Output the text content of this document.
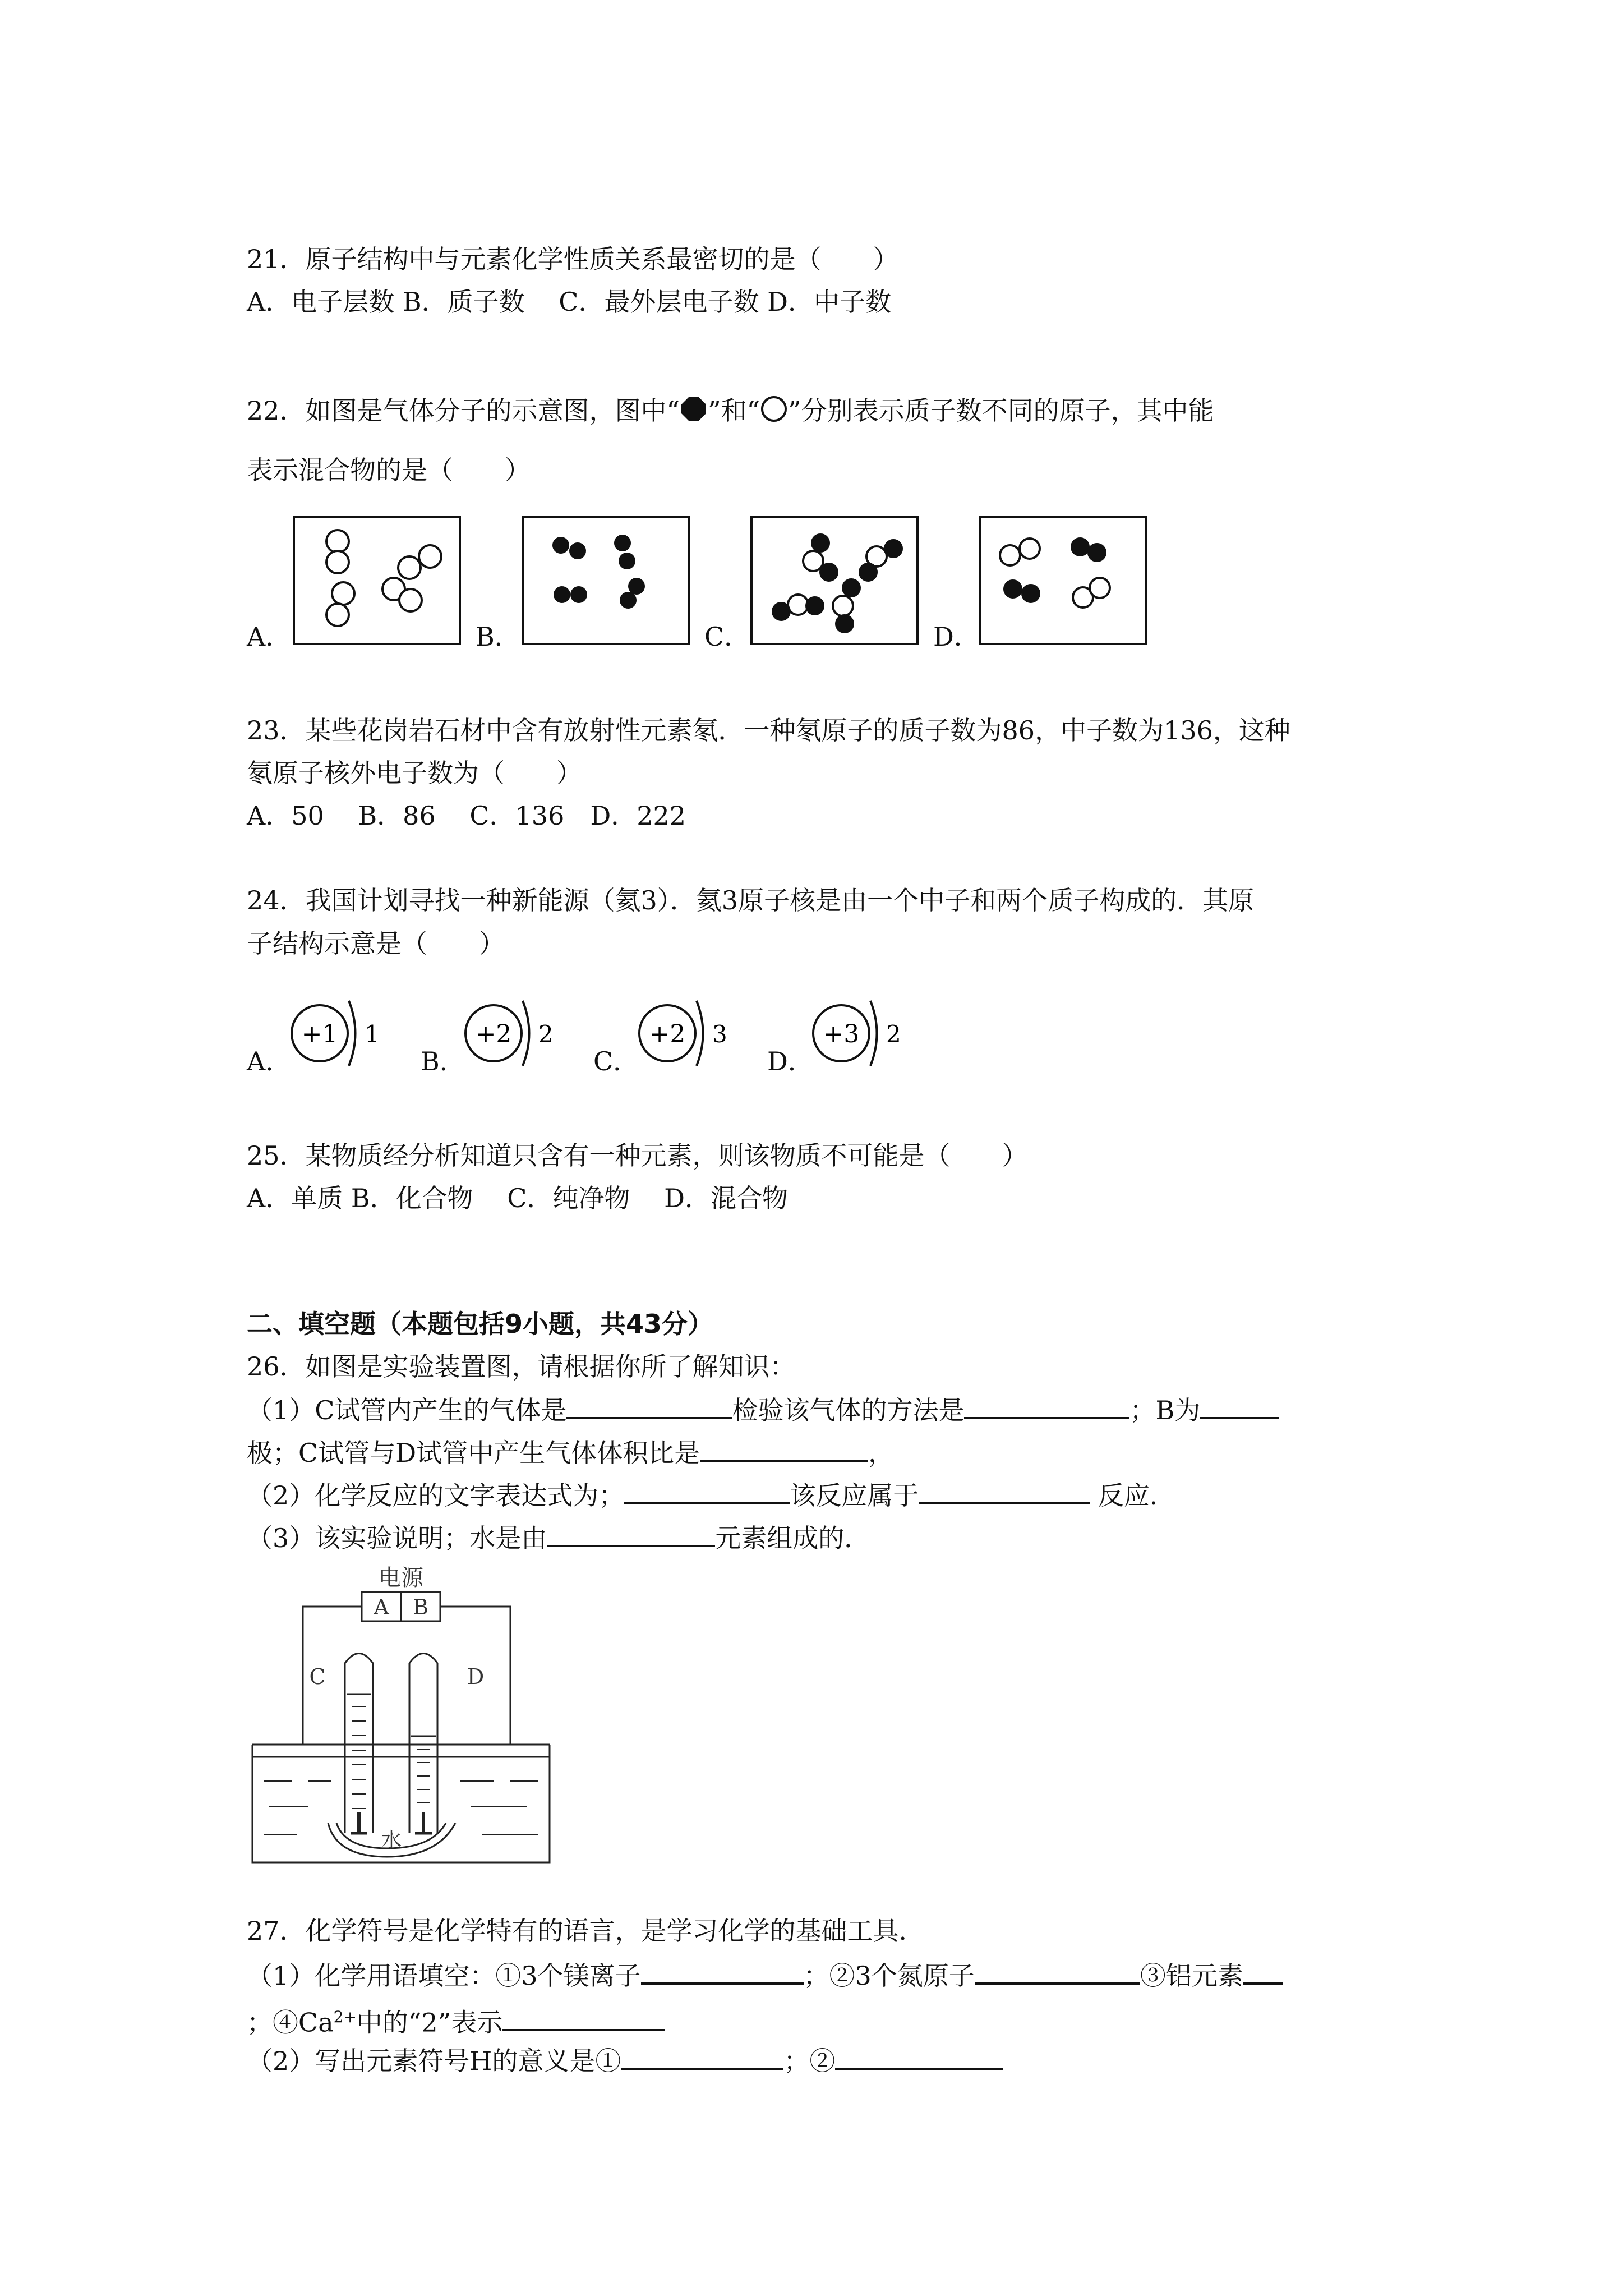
21．原子结构中与元素化学性质关系最密切的是（　　）
A．电子层数 B．质子数　 C．最外层电子数 D．中子数
22．如图是气体分子的示意图，图中“ ”和“ ”分别表示质子数不同的原子，其中能
表示混合物的是（　　）
A．	B．	C．	D．
23．某些花岗岩石材中含有放射性元素氡．一种氡原子的质子数为86，中子数为136，这种
氡原子核外电子数为（　　）
A．50　 B．86　 C．136　D．222
24．我国计划寻找一种新能源（氦3）．氦3原子核是由一个中子和两个质子构成的．其原
子结构示意是（　　）
A．	B．	C．	D．
+1 1	+2 2	+2 3	+3 2
25．某物质经分析知道只含有一种元素，则该物质不可能是（　　）
A．单质 B．化合物　 C．纯净物　 D．混合物
二、填空题（本题包括9小题，共43分）
26．如图是实验装置图，请根据你所了解知识：
（1）C试管内产生的气体是	检验该气体的方法是	；B为
极；C试管与D试管中产生气体体积比是	，
（2）化学反应的文字表达式为；	该反应属于	反应．
（3）该实验说明；水是由	元素组成的．
电源
A B
C	D
水
27．化学符号是化学特有的语言，是学习化学的基础工具．
（1）化学用语填空：①3个镁离子	；②3个氮原子	③铝元素
；$④Ca^{2+}$中的“2”表示
（2）写出元素符号H的意义是①	；②
